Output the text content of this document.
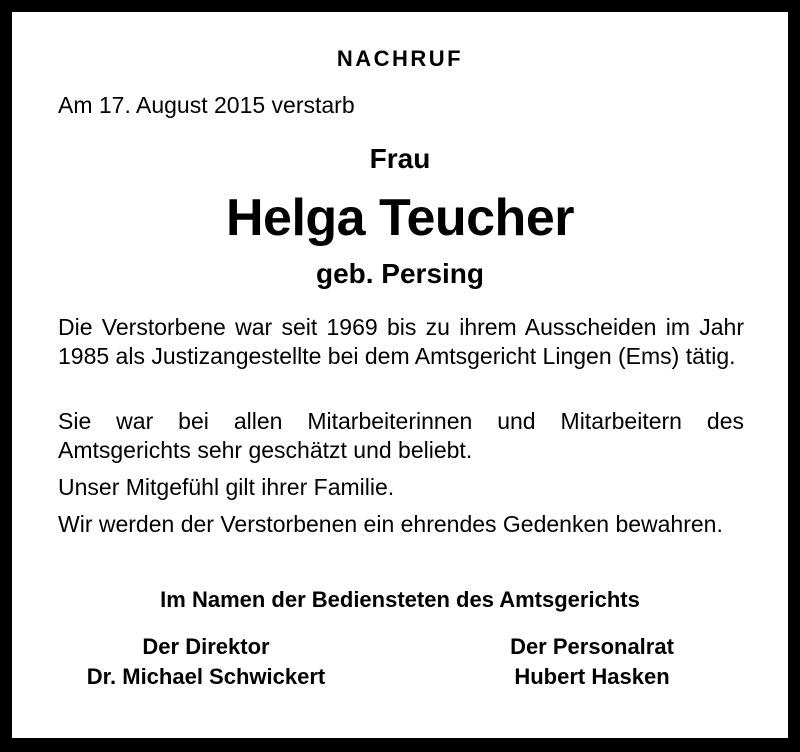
NACHRUF
Am 17. August 2015 verstarb
Frau
Helga Teucher
geb. Persing
Die Verstorbene war seit 1969 bis zu ihrem Ausscheiden im Jahr 1985 als Justizangestellte bei dem Amtsgericht Lingen (Ems) tätig.
Sie war bei allen Mitarbeiterinnen und Mitarbeitern des Amtsgerichts sehr geschätzt und beliebt.
Unser Mitgefühl gilt ihrer Familie.
Wir werden der Verstorbenen ein ehrendes Gedenken bewahren.
Im Namen der Bediensteten des Amtsgerichts
Der Direktor
Dr. Michael Schwickert
Der Personalrat
Hubert Hasken
